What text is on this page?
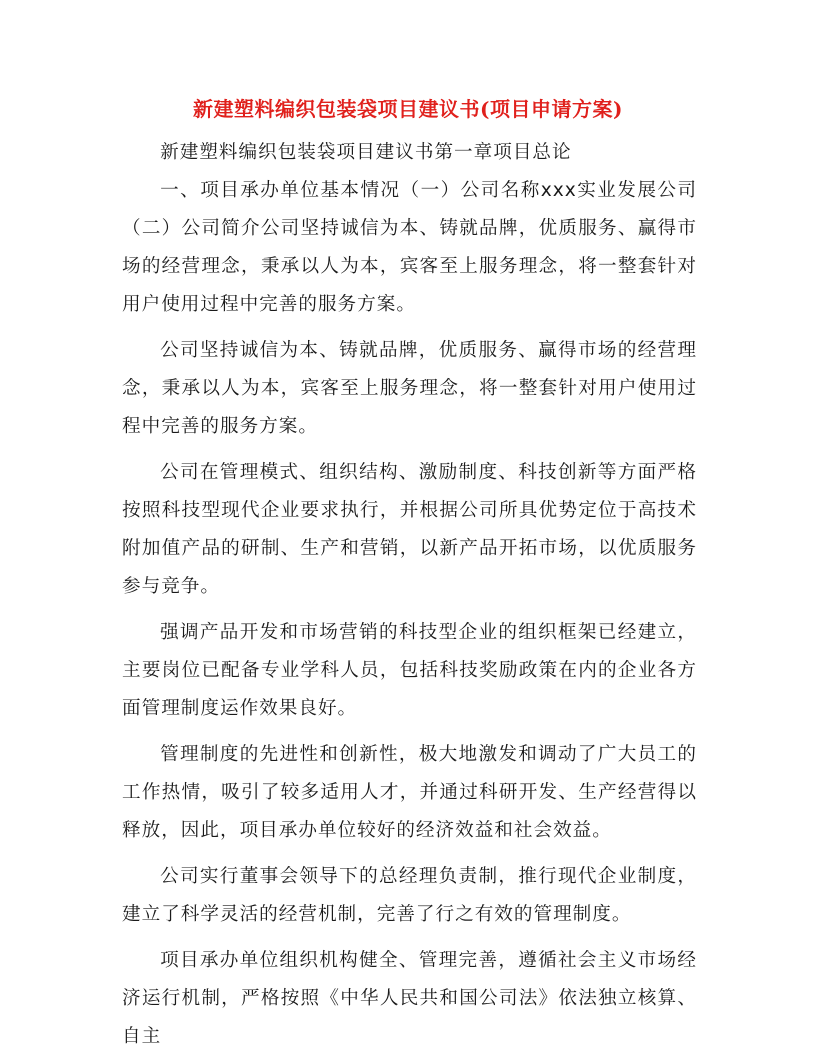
新建塑料编织包装袋项目建议书(项目申请方案)

新建塑料编织包装袋项目建议书第一章项目总论

一、项目承办单位基本情况（一）公司名称xxx实业发展公司（二）公司简介公司坚持诚信为本、铸就品牌，优质服务、赢得市场的经营理念，秉承以人为本，宾客至上服务理念，将一整套针对用户使用过程中完善的服务方案。

公司坚持诚信为本、铸就品牌，优质服务、赢得市场的经营理念，秉承以人为本，宾客至上服务理念，将一整套针对用户使用过程中完善的服务方案。

公司在管理模式、组织结构、激励制度、科技创新等方面严格按照科技型现代企业要求执行，并根据公司所具优势定位于高技术附加值产品的研制、生产和营销，以新产品开拓市场，以优质服务参与竞争。

强调产品开发和市场营销的科技型企业的组织框架已经建立，主要岗位已配备专业学科人员，包括科技奖励政策在内的企业各方面管理制度运作效果良好。

管理制度的先进性和创新性，极大地激发和调动了广大员工的工作热情，吸引了较多适用人才，并通过科研开发、生产经营得以释放，因此，项目承办单位较好的经济效益和社会效益。

公司实行董事会领导下的总经理负责制，推行现代企业制度，建立了科学灵活的经营机制，完善了行之有效的管理制度。

项目承办单位组织机构健全、管理完善，遵循社会主义市场经济运行机制，严格按照《中华人民共和国公司法》依法独立核算、自主
